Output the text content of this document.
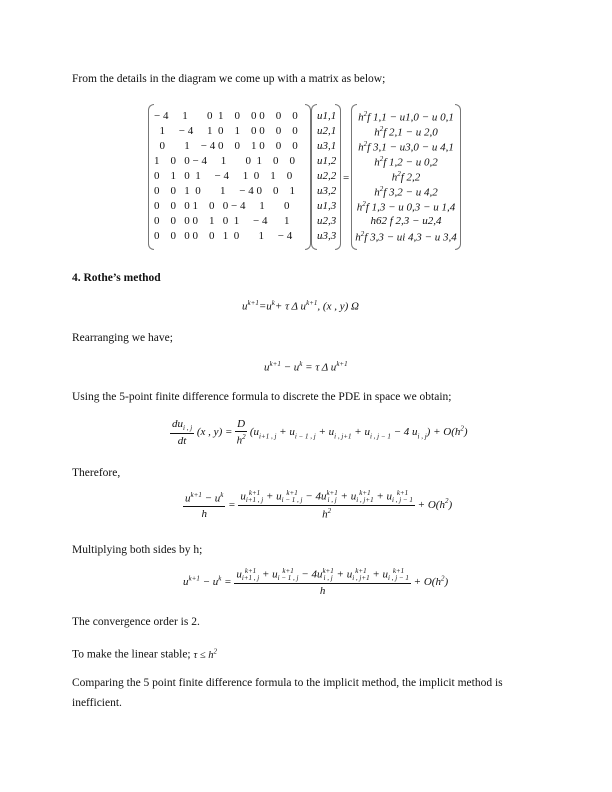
From the details in the diagram we come up with a matrix as below;
− 4     1       0  1    0    0 0    0    0
1     − 4     1  0    1    0 0    0    0
0       1    − 4 0    0    1 0    0    0
1    0   0 − 4     1       0  1    0    0
0    1   0  1     − 4     1  0    1    0
0    0   1  0       1     − 4 0    0    1
0    0   0 1    0   0 − 4     1       0
0    0   0 0    1   0  1     − 4      1
0    0   0 0    0   1  0       1     − 4
u1,1
u2,1
u3,1
u1,2
u2,2
u3,2
u1,3
u2,3
u3,3
=
$h^2f$ 1,1 − u1,0 − u 0,1
$h^2f$ 2,1 − u 2,0
$h^2f$ 3,1 − u3,0 − u 4,1
$h^2f$ 1,2 − u 0,2
$h^2f$ 2,2
$h^2f$ 3,2 − u 4,2
$h^2f$ 1,3 − u 0,3 − u 1,4
h62 f 2,3 − u2,4
$h^2f$ 3,3 − ui 4,3 − u 3,4
4. Rothe’s method
$u^{k+1}=u^k+ \tau$ Δ $u^{k+1}$, (x , y) Ω
Rearranging we have;
$u^{k+1} - u^k = \tau$ Δ $u^{k+1}$
Using the 5-point finite difference formula to discrete the PDE in space we obtain;
$\frac{du_{i , j}}{dt} (x$ , $y) = \frac{D}{h^2} (u_{i+1 , j} + u_{i - 1 , j} + u_{i , j+1} + u_{i , j - 1} - 4$ $u_{i , j}) + O(h^2)$
Therefore,
$\frac{u^{k+1} - u^k}{h}$ =
u k+1
i+1 , j + u k+1
i − 1 , j − 4u k+1
i , j + u k+1
i , j+1 + u k+1
i , j − 1
$h^2$
+ $O(h^2)$
Multiplying both sides by h;
$u^{k+1} - u^k$ =
u k+1
i+1 , j + u k+1
i − 1 , j − 4u k+1
i , j + u k+1
i , j+1 + u k+1
i , j − 1
h
+ $O(h^2)$
The convergence order is 2.
To make the linear stable; $\tau \le h^2$
Comparing the 5 point finite difference formula to the implicit method, the implicit method is inefficient.
